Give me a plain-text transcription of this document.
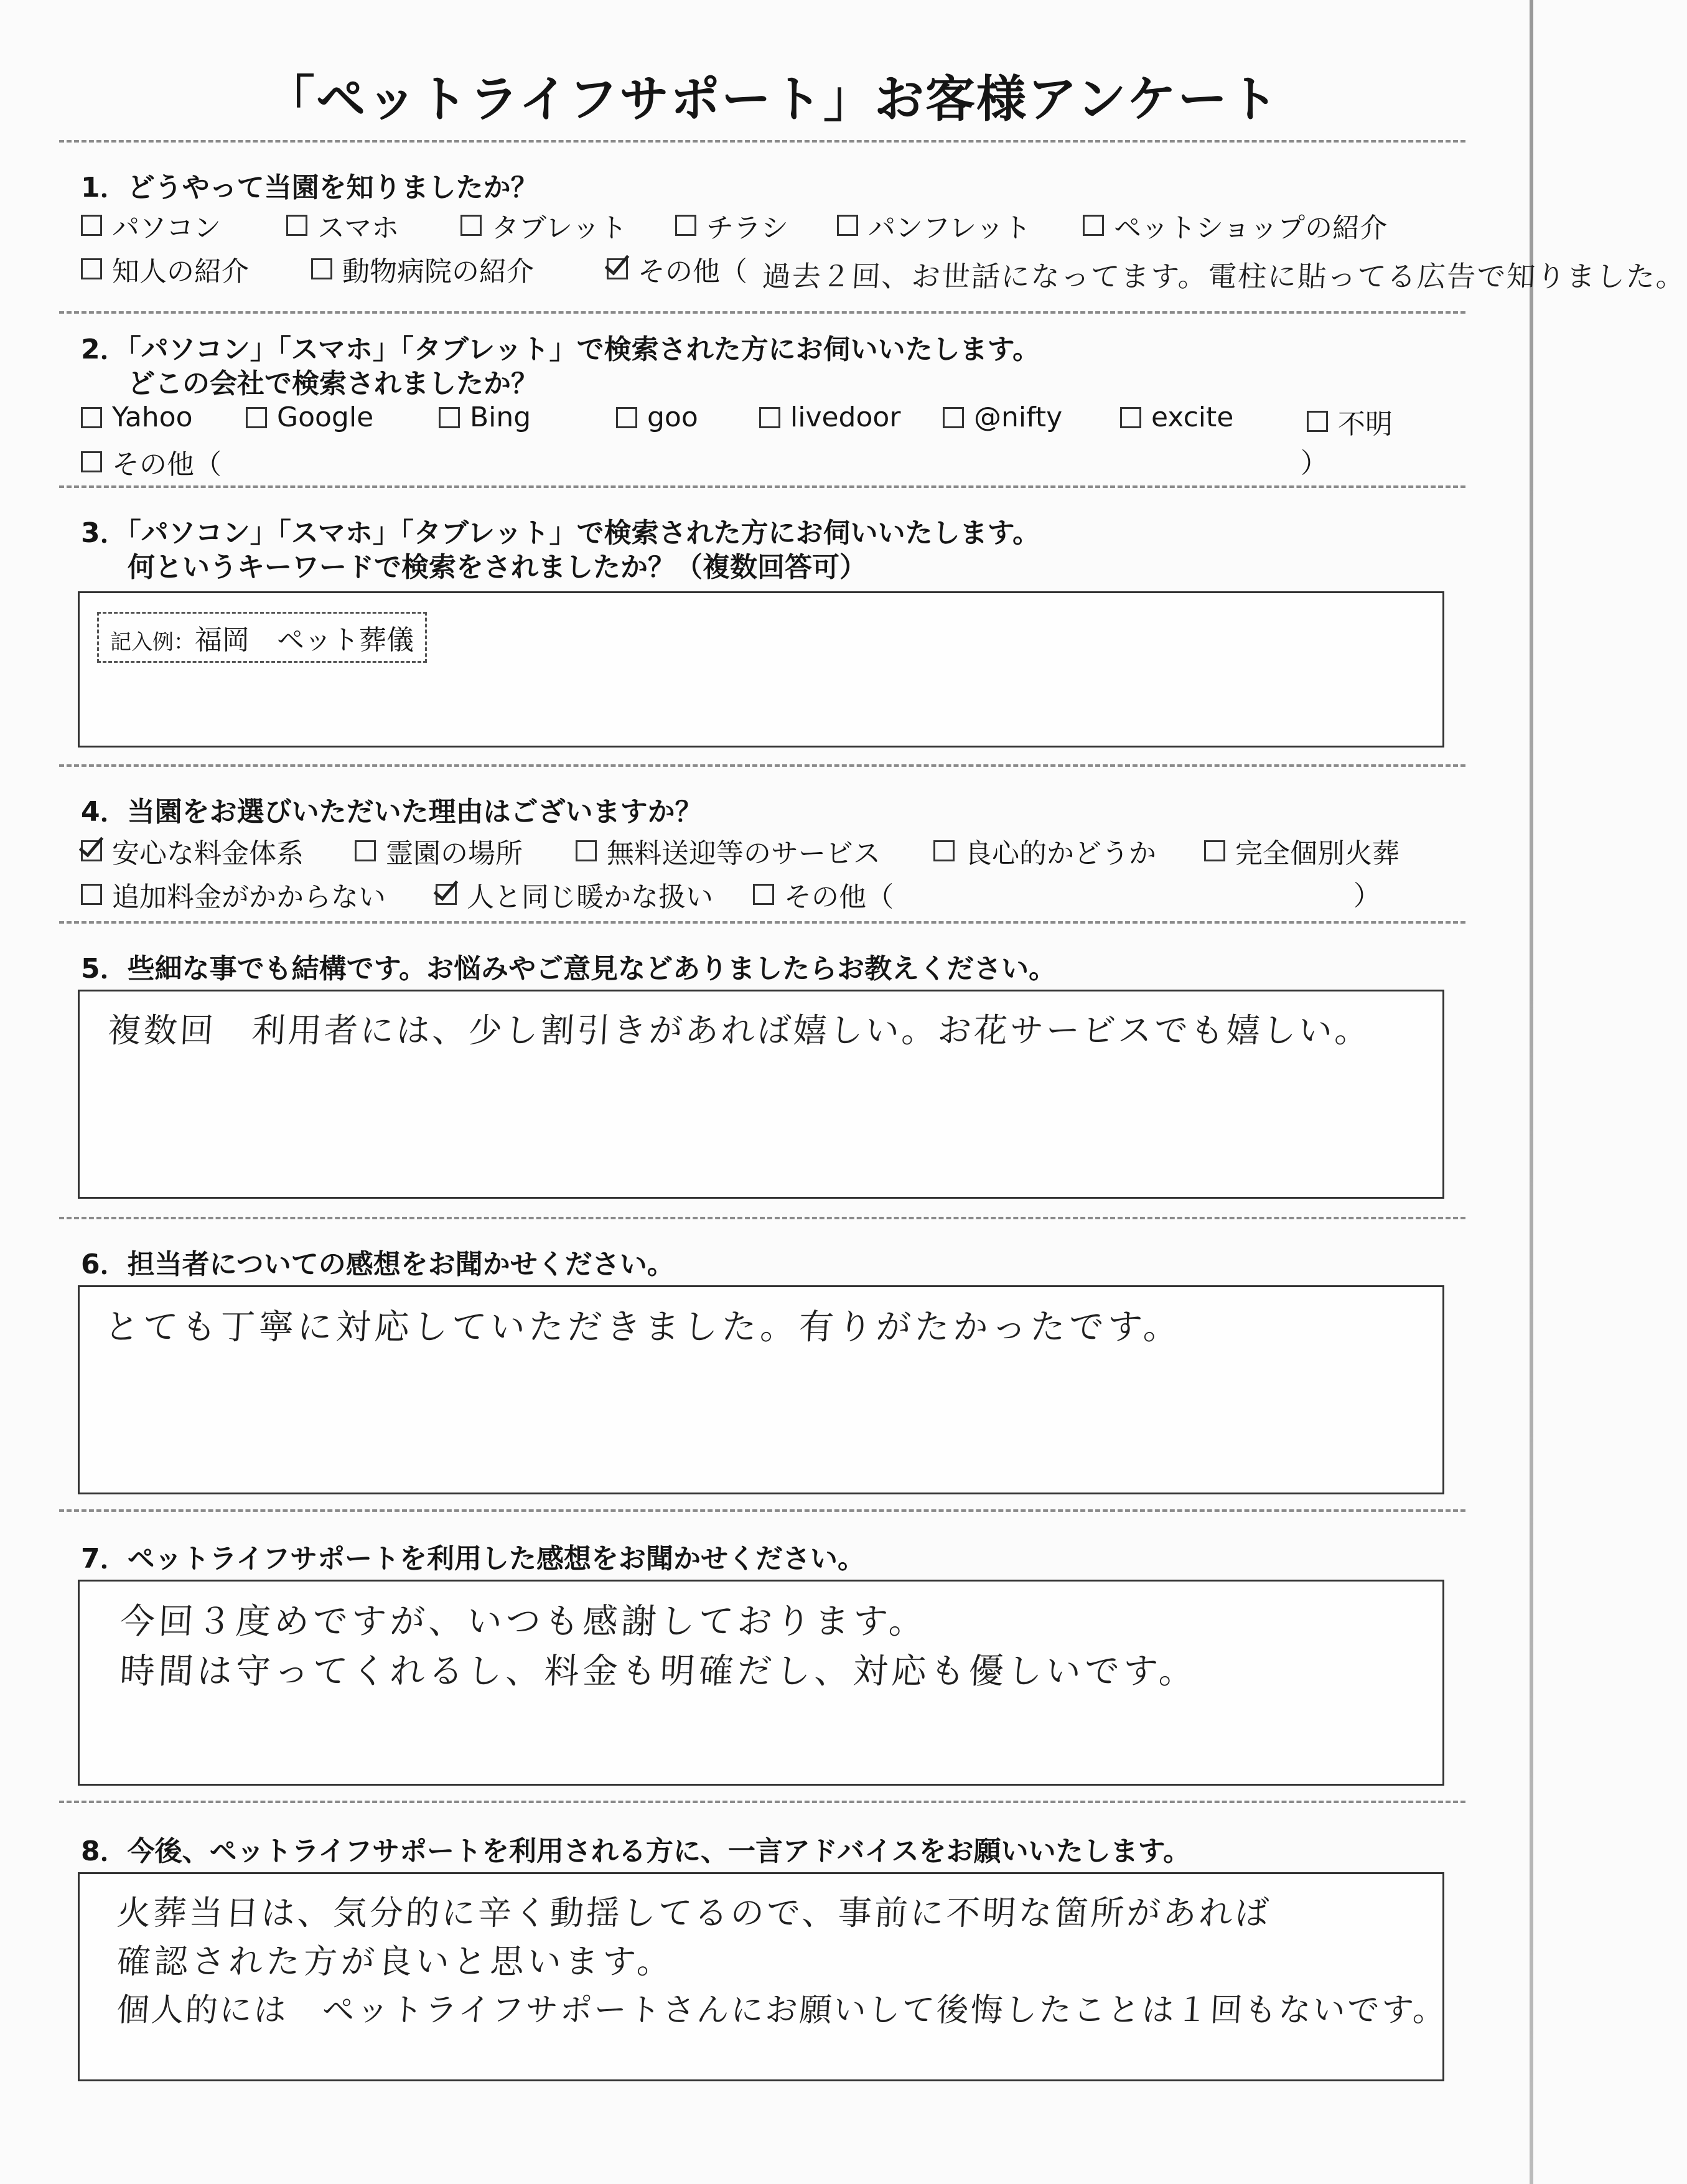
「ペットライフサポート」お客様アンケート
1．どうやって当園を知りましたか？
パソコン	スマホ	タブレット	チラシ	パンフレット	ペットショップの紹介
知人の紹介	動物病院の紹介	その他（ 過去２回、お世話になってます。電柱に貼ってる広告で知りました。
2．「パソコン」「スマホ」「タブレット」で検索された方にお伺いいたします。
どこの会社で検索されましたか？
Yahoo	Google	Bing	goo	livedoor	@nifty	excite	不明
その他（	）
3．「パソコン」「スマホ」「タブレット」で検索された方にお伺いいたします。
何というキーワードで検索をされましたか？（複数回答可）
記入例：福岡　ペット葬儀
4．当園をお選びいただいた理由はございますか？
安心な料金体系	霊園の場所	無料送迎等のサービス	良心的かどうか	完全個別火葬
追加料金がかからない	人と同じ暖かな扱い	その他（	）
5．些細な事でも結構です。お悩みやご意見などありましたらお教えください。
複数回　利用者には、少し割引きがあれば嬉しい。お花サービスでも嬉しい。
6．担当者についての感想をお聞かせください。
とても丁寧に対応していただきました。有りがたかったです。
7．ペットライフサポートを利用した感想をお聞かせください。
今回３度めですが、いつも感謝しております。
時間は守ってくれるし、料金も明確だし、対応も優しいです。
8．今後、ペットライフサポートを利用される方に、一言アドバイスをお願いいたします。
火葬当日は、気分的に辛く動揺してるので、事前に不明な箇所があれば
確認された方が良いと思います。
個人的には　ペットライフサポートさんにお願いして後悔したことは１回もないです。
